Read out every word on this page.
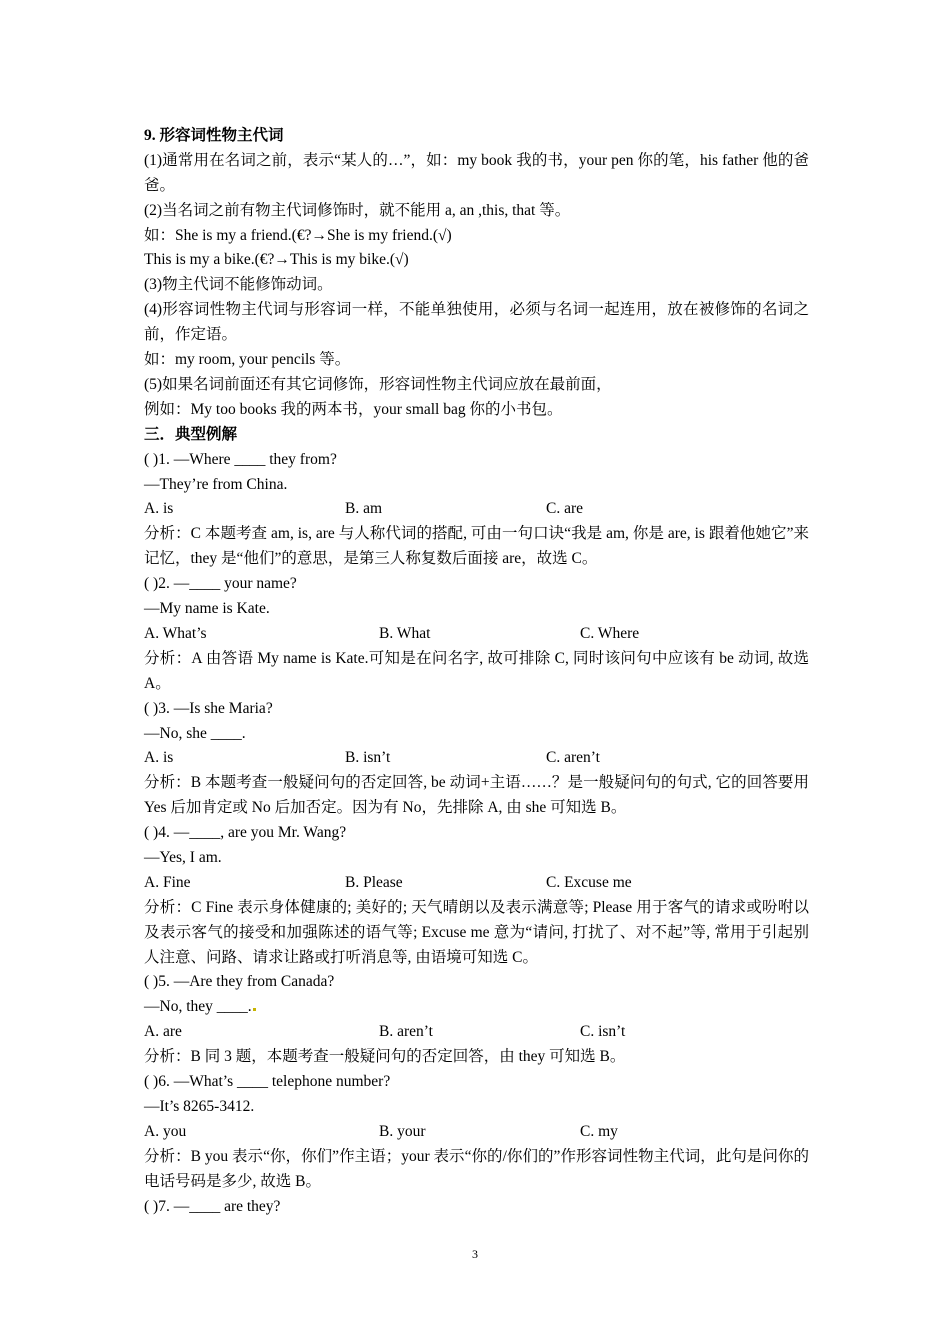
9. 形容词性物主代词
(1)通常用在名词之前，表示“某人的…”，如：my book 我的书，your pen 你的笔，his father 他的爸爸。
(2)当名词之前有物主代词修饰时，就不能用 a, an ,this, that 等。
如：She is my a friend.(€?→She is my friend.(√)
This is my a bike.(€?→This is my bike.(√)
(3)物主代词不能修饰动词。
(4)形容词性物主代词与形容词一样，不能单独使用，必须与名词一起连用，放在被修饰的名词之前，作定语。
如：my room, your pencils 等。
(5)如果名词前面还有其它词修饰，形容词性物主代词应放在最前面，
例如：My too books 我的两本书，your small bag 你的小书包。
三．典型例解
( )1. —Where ____ they from?
—They’re from China.
A. is	B. am	C. are
分析：C 本题考查 am, is, are 与人称代词的搭配, 可由一句口诀“我是 am, 你是 are, is 跟着他她它”来记忆，they 是“他们”的意思，是第三人称复数后面接 are，故选 C。
( )2. —____ your name?
—My name is Kate.
A. What’s	B. What	C. Where
分析：A 由答语 My name is Kate.可知是在问名字, 故可排除 C, 同时该问句中应该有 be 动词, 故选 A。
( )3. —Is she Maria?
—No, she ____.
A. is	B. isn’t	C. aren’t
分析：B 本题考查一般疑问句的否定回答, be 动词+主语……？是一般疑问句的句式, 它的回答要用 Yes 后加肯定或 No 后加否定。因为有 No，先排除 A, 由 she 可知选 B。
( )4. —____, are you Mr. Wang?
—Yes, I am.
A. Fine	B. Please	C. Excuse me
分析：C Fine 表示身体健康的; 美好的; 天气晴朗以及表示满意等; Please 用于客气的请求或吩咐以及表示客气的接受和加强陈述的语气等; Excuse me 意为“请问, 打扰了、对不起”等, 常用于引起别人注意、问路、请求让路或打听消息等, 由语境可知选 C。
( )5. —Are they from Canada?
—No, they ____.
A. are	B. aren’t	C. isn’t
分析：B 同 3 题，本题考查一般疑问句的否定回答，由 they 可知选 B。
( )6. —What’s ____ telephone number?
—It’s 8265-3412.
A. you	B. your	C. my
分析：B you 表示“你，你们”作主语；your 表示“你的/你们的”作形容词性物主代词，此句是问你的电话号码是多少, 故选 B。
( )7. —____ are they?
3
